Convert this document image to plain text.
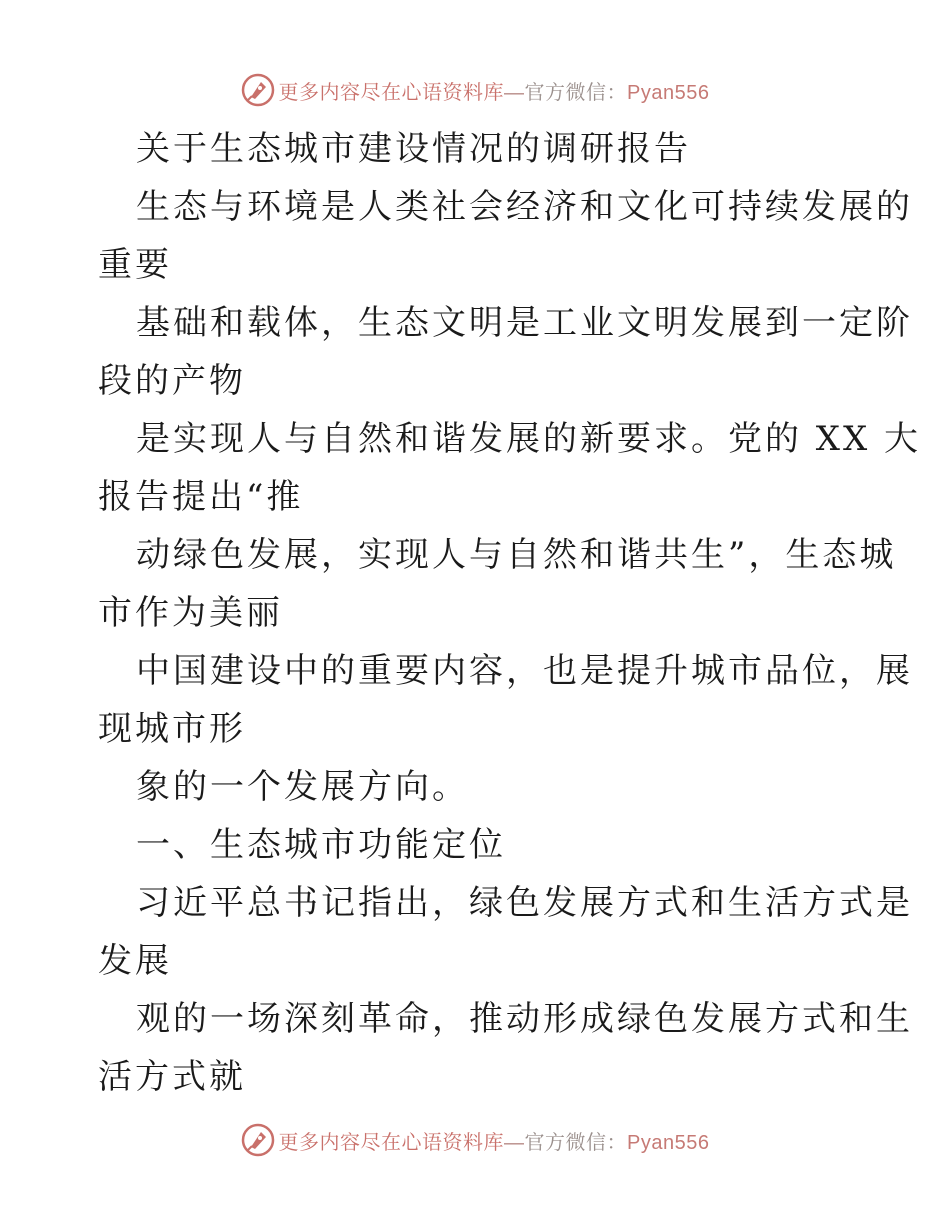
更多内容尽在心语资料库—官方微信：Pyan556
关于生态城市建设情况的调研报告
生态与环境是人类社会经济和文化可持续发展的
重要
基础和载体，生态文明是工业文明发展到一定阶
段的产物
是实现人与自然和谐发展的新要求。党的 XX 大
报告提出“推
动绿色发展，实现人与自然和谐共生”，生态城
市作为美丽
中国建设中的重要内容，也是提升城市品位，展
现城市形
象的一个发展方向。
一、生态城市功能定位
习近平总书记指出，绿色发展方式和生活方式是
发展
观的一场深刻革命，推动形成绿色发展方式和生
活方式就
更多内容尽在心语资料库—官方微信：Pyan556
